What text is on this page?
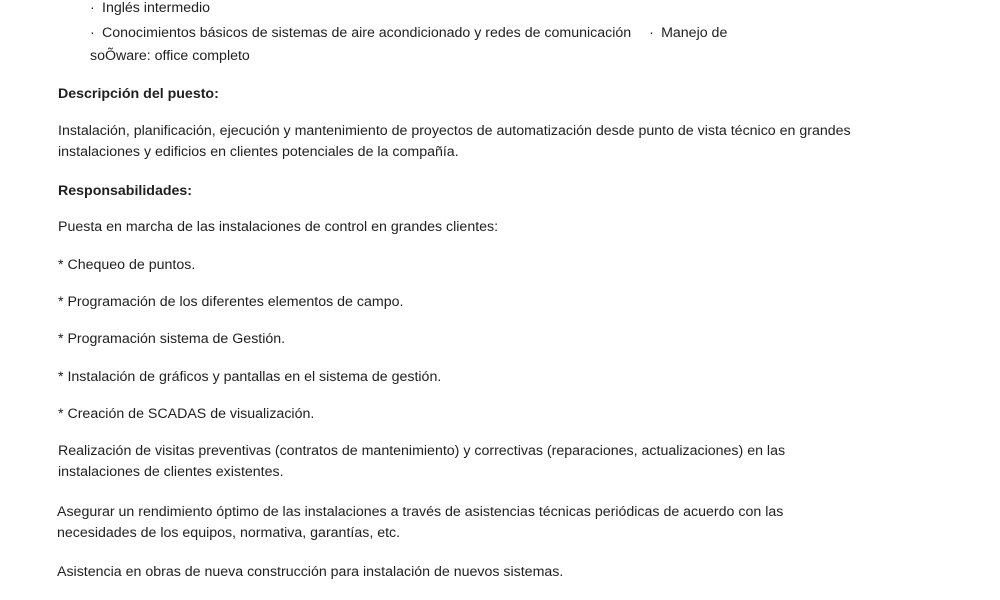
· Inglés intermedio
· Conocimientos básicos de sistemas de aire acondicionado y redes de comunicación · Manejo de
soÕware: office completo
Descripción del puesto:
Instalación, planificación, ejecución y mantenimiento de proyectos de automatización desde punto de vista técnico en grandes
instalaciones y edificios en clientes potenciales de la compañía.
Responsabilidades:
Puesta en marcha de las instalaciones de control en grandes clientes:
* Chequeo de puntos.
* Programación de los diferentes elementos de campo.
* Programación sistema de Gestión.
* Instalación de gráficos y pantallas en el sistema de gestión.
* Creación de SCADAS de visualización.
Realización de visitas preventivas (contratos de mantenimiento) y correctivas (reparaciones, actualizaciones) en las
instalaciones de clientes existentes.
Asegurar un rendimiento óptimo de las instalaciones a través de asistencias técnicas periódicas de acuerdo con las
necesidades de los equipos, normativa, garantías, etc.
Asistencia en obras de nueva construcción para instalación de nuevos sistemas.
